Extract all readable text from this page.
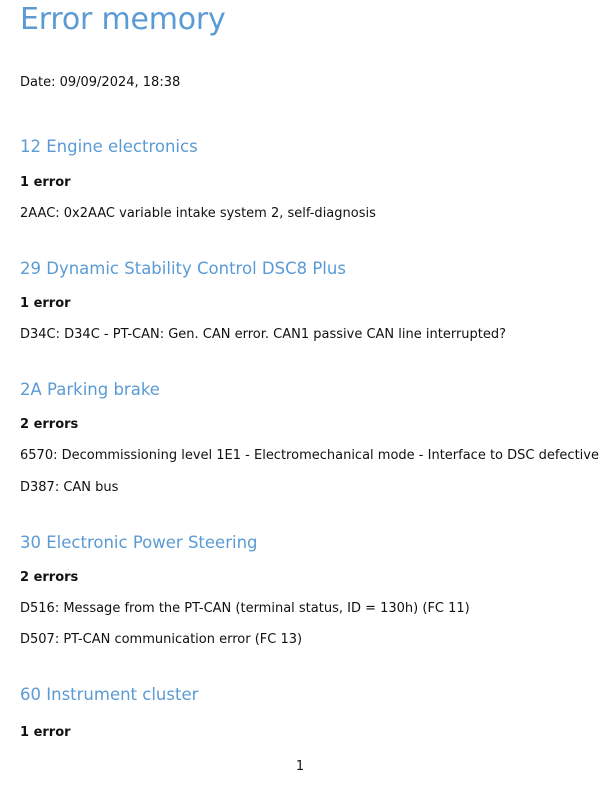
Error memory

Date: 09/09/2024, 18:38

12 Engine electronics

1 error

2AAC: 0x2AAC variable intake system 2, self-diagnosis

29 Dynamic Stability Control DSC8 Plus

1 error

D34C: D34C - PT-CAN: Gen. CAN error. CAN1 passive CAN line interrupted?

2A Parking brake

2 errors

6570: Decommissioning level 1E1 - Electromechanical mode - Interface to DSC defective

D387: CAN bus

30 Electronic Power Steering

2 errors

D516: Message from the PT-CAN (terminal status, ID = 130h) (FC 11)

D507: PT-CAN communication error (FC 13)

60 Instrument cluster

1 error

1
